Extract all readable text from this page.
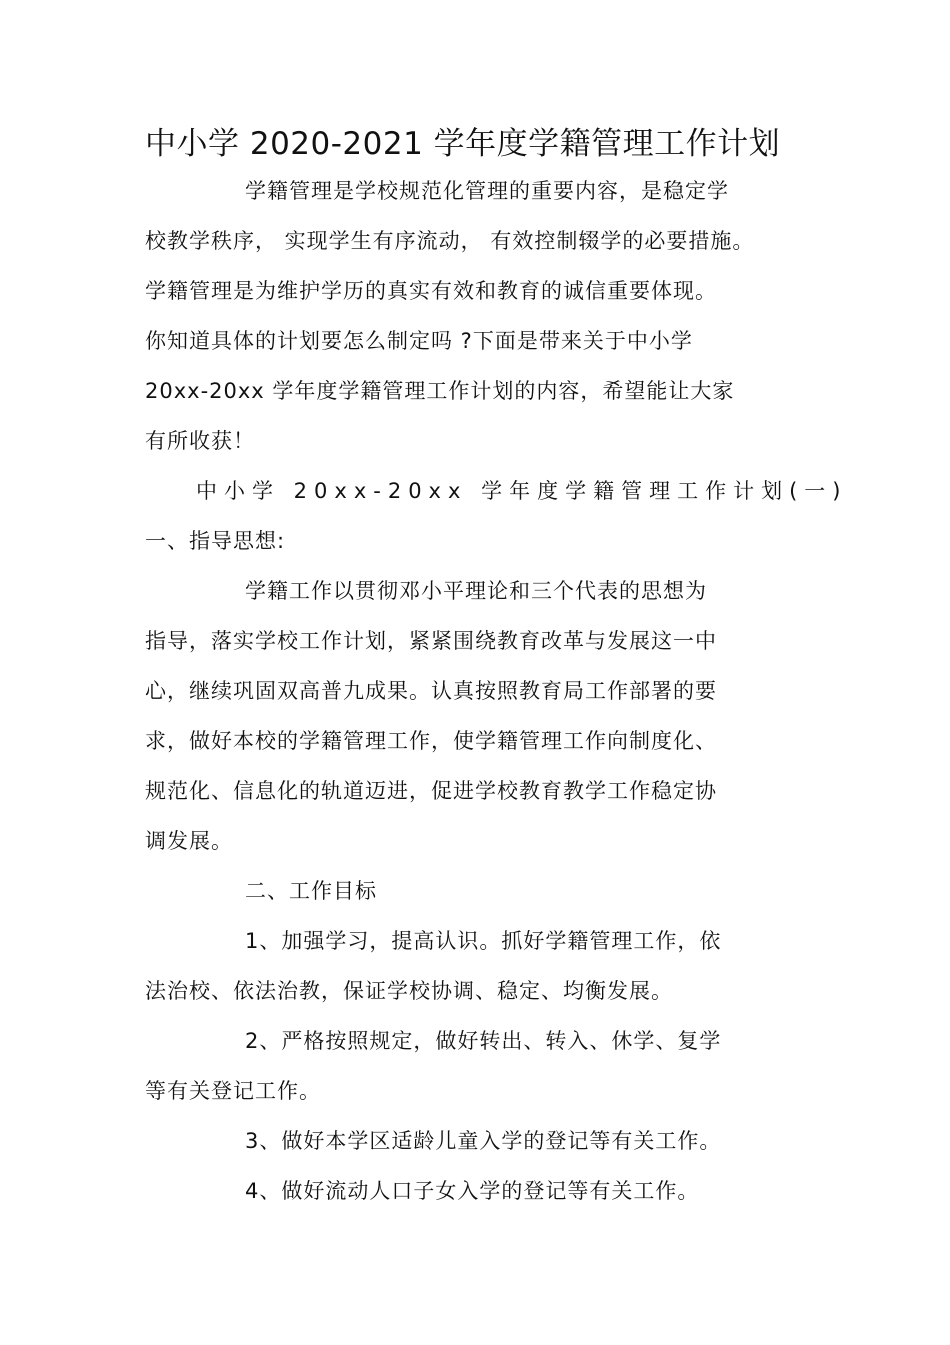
中小学 2020-2021 学年度学籍管理工作计划
学籍管理是学校规范化管理的重要内容，是稳定学
校教学秩序， 实现学生有序流动， 有效控制辍学的必要措施。
学籍管理是为维护学历的真实有效和教育的诚信重要体现。
你知道具体的计划要怎么制定吗 ?下面是带来关于中小学
20xx-20xx 学年度学籍管理工作计划的内容，希望能让大家
有所收获！
中小学 20xx-20xx 学年度学籍管理工作计划(一)
一、指导思想:
学籍工作以贯彻邓小平理论和三个代表的思想为
指导，落实学校工作计划，紧紧围绕教育改革与发展这一中
心，继续巩固双高普九成果。认真按照教育局工作部署的要
求，做好本校的学籍管理工作，使学籍管理工作向制度化、
规范化、信息化的轨道迈进，促进学校教育教学工作稳定协
调发展。
二、工作目标
1、加强学习，提高认识。抓好学籍管理工作，依
法治校、依法治教，保证学校协调、稳定、均衡发展。
2、严格按照规定，做好转出、转入、休学、复学
等有关登记工作。
3、做好本学区适龄儿童入学的登记等有关工作。
4、做好流动人口子女入学的登记等有关工作。
